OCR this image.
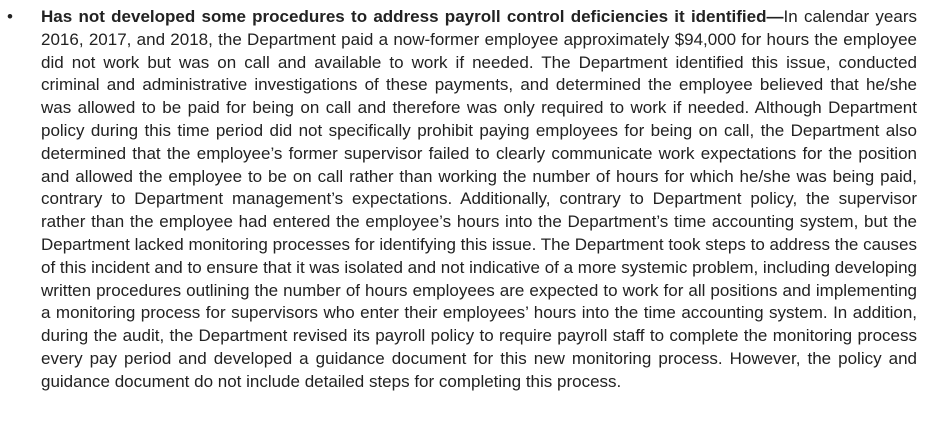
• Has not developed some procedures to address payroll control deficiencies it identified—In calendar years 2016, 2017, and 2018, the Department paid a now-former employee approximately $94,000 for hours the employee did not work but was on call and available to work if needed. The Department identified this issue, conducted criminal and administrative investigations of these payments, and determined the employee believed that he/she was allowed to be paid for being on call and therefore was only required to work if needed. Although Department policy during this time period did not specifically prohibit paying employees for being on call, the Department also determined that the employee’s former supervisor failed to clearly communicate work expectations for the position and allowed the employee to be on call rather than working the number of hours for which he/she was being paid, contrary to Department management’s expectations. Additionally, contrary to Department policy, the supervisor rather than the employee had entered the employee’s hours into the Department’s time accounting system, but the Department lacked monitoring processes for identifying this issue. The Department took steps to address the causes of this incident and to ensure that it was isolated and not indicative of a more systemic problem, including developing written procedures outlining the number of hours employees are expected to work for all positions and implementing a monitoring process for supervisors who enter their employees’ hours into the time accounting system. In addition, during the audit, the Department revised its payroll policy to require payroll staff to complete the monitoring process every pay period and developed a guidance document for this new monitoring process. However, the policy and guidance document do not include detailed steps for completing this process.
